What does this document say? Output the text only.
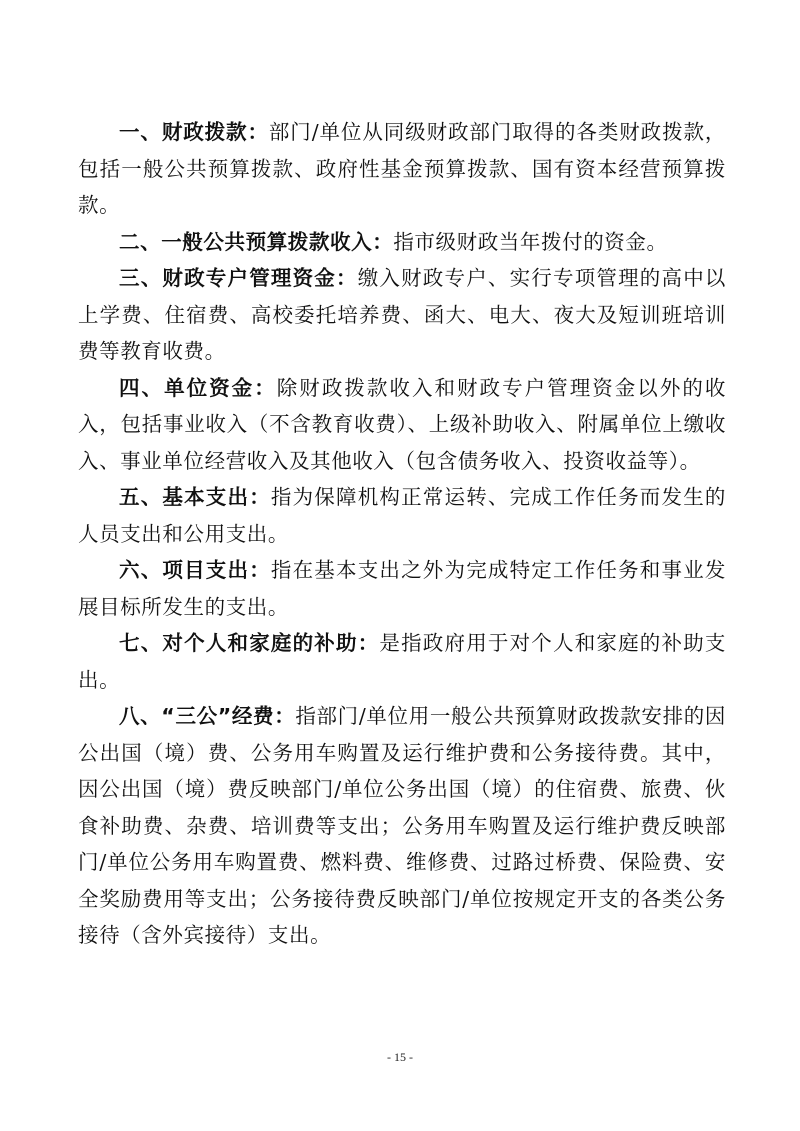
一、财政拨款：部门/单位从同级财政部门取得的各类财政拨款，包括一般公共预算拨款、政府性基金预算拨款、国有资本经营预算拨款。

二、一般公共预算拨款收入：指市级财政当年拨付的资金。

三、财政专户管理资金：缴入财政专户、实行专项管理的高中以上学费、住宿费、高校委托培养费、函大、电大、夜大及短训班培训费等教育收费。

四、单位资金：除财政拨款收入和财政专户管理资金以外的收入，包括事业收入（不含教育收费）、上级补助收入、附属单位上缴收入、事业单位经营收入及其他收入（包含债务收入、投资收益等）。

五、基本支出：指为保障机构正常运转、完成工作任务而发生的人员支出和公用支出。

六、项目支出：指在基本支出之外为完成特定工作任务和事业发展目标所发生的支出。

七、对个人和家庭的补助：是指政府用于对个人和家庭的补助支出。

八、“三公”经费：指部门/单位用一般公共预算财政拨款安排的因公出国（境）费、公务用车购置及运行维护费和公务接待费。其中，因公出国（境）费反映部门/单位公务出国（境）的住宿费、旅费、伙食补助费、杂费、培训费等支出；公务用车购置及运行维护费反映部门/单位公务用车购置费、燃料费、维修费、过路过桥费、保险费、安全奖励费用等支出；公务接待费反映部门/单位按规定开支的各类公务接待（含外宾接待）支出。

- 15 -
